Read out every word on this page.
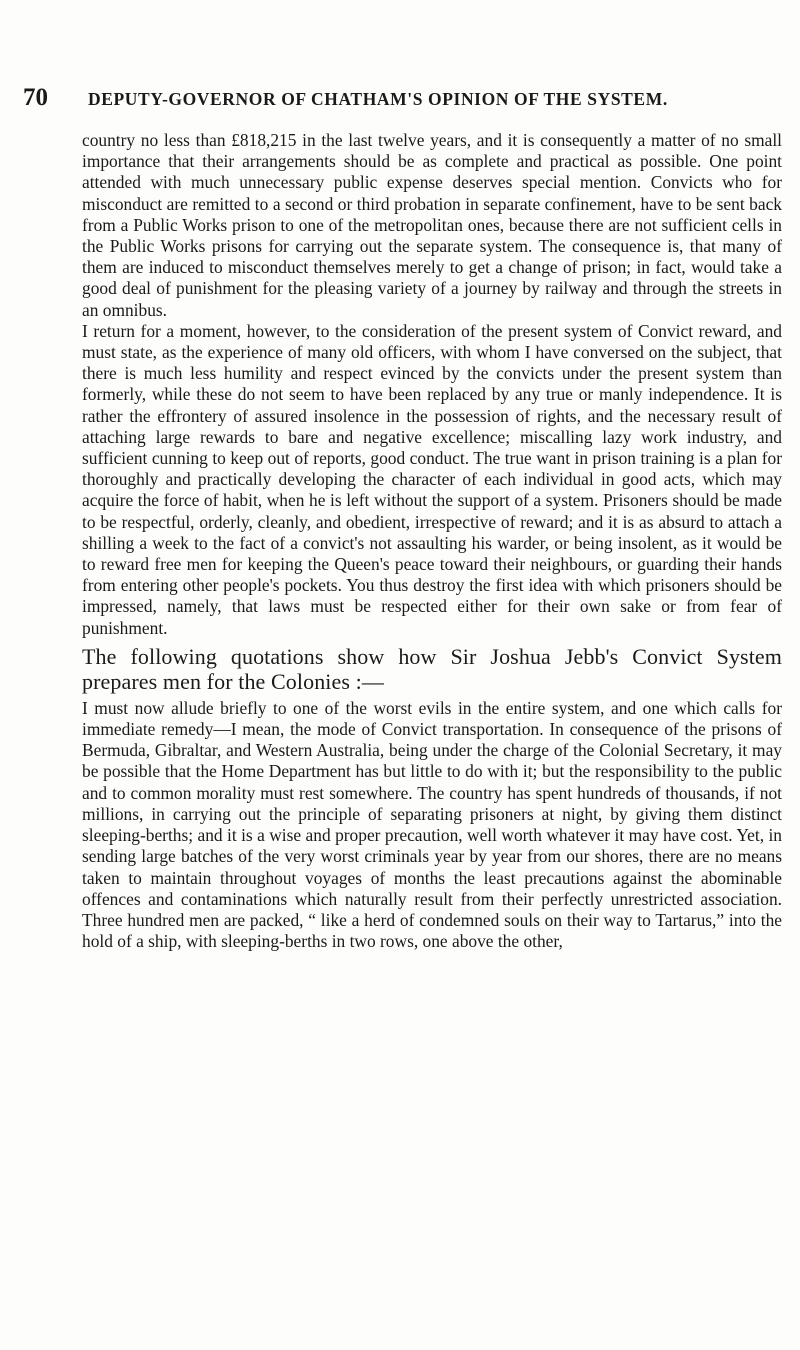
70 DEPUTY-GOVERNOR OF CHATHAM'S OPINION OF THE SYSTEM.

country no less than £818,215 in the last twelve years, and it is consequently a matter of no small importance that their arrangements should be as complete and practical as possible. One point attended with much unnecessary public expense deserves special mention. Convicts who for misconduct are remitted to a second or third probation in separate confinement, have to be sent back from a Public Works prison to one of the metropolitan ones, because there are not sufficient cells in the Public Works prisons for carrying out the separate system. The consequence is, that many of them are induced to misconduct themselves merely to get a change of prison; in fact, would take a good deal of punishment for the pleasing variety of a journey by railway and through the streets in an omnibus.

I return for a moment, however, to the consideration of the present system of Convict reward, and must state, as the experience of many old officers, with whom I have conversed on the subject, that there is much less humility and respect evinced by the convicts under the present system than formerly, while these do not seem to have been replaced by any true or manly independence. It is rather the effrontery of assured insolence in the possession of rights, and the necessary result of attaching large rewards to bare and negative excellence; miscalling lazy work industry, and sufficient cunning to keep out of reports, good conduct. The true want in prison training is a plan for thoroughly and practically developing the character of each individual in good acts, which may acquire the force of habit, when he is left without the support of a system. Prisoners should be made to be respectful, orderly, cleanly, and obedient, irrespective of reward; and it is as absurd to attach a shilling a week to the fact of a convict's not assaulting his warder, or being insolent, as it would be to reward free men for keeping the Queen's peace toward their neighbours, or guarding their hands from entering other people's pockets. You thus destroy the first idea with which prisoners should be impressed, namely, that laws must be respected either for their own sake or from fear of punishment.

The following quotations show how Sir Joshua Jebb's Convict System prepares men for the Colonies :—

I must now allude briefly to one of the worst evils in the entire system, and one which calls for immediate remedy—I mean, the mode of Convict transportation. In consequence of the prisons of Bermuda, Gibraltar, and Western Australia, being under the charge of the Colonial Secretary, it may be possible that the Home Department has but little to do with it; but the responsibility to the public and to common morality must rest somewhere. The country has spent hundreds of thousands, if not millions, in carrying out the principle of separating prisoners at night, by giving them distinct sleeping-berths; and it is a wise and proper precaution, well worth whatever it may have cost. Yet, in sending large batches of the very worst criminals year by year from our shores, there are no means taken to maintain throughout voyages of months the least precautions against the abominable offences and contaminations which naturally result from their perfectly unrestricted association. Three hundred men are packed, “ like a herd of condemned souls on their way to Tartarus,” into the hold of a ship, with sleeping-berths in two rows, one above the other,
